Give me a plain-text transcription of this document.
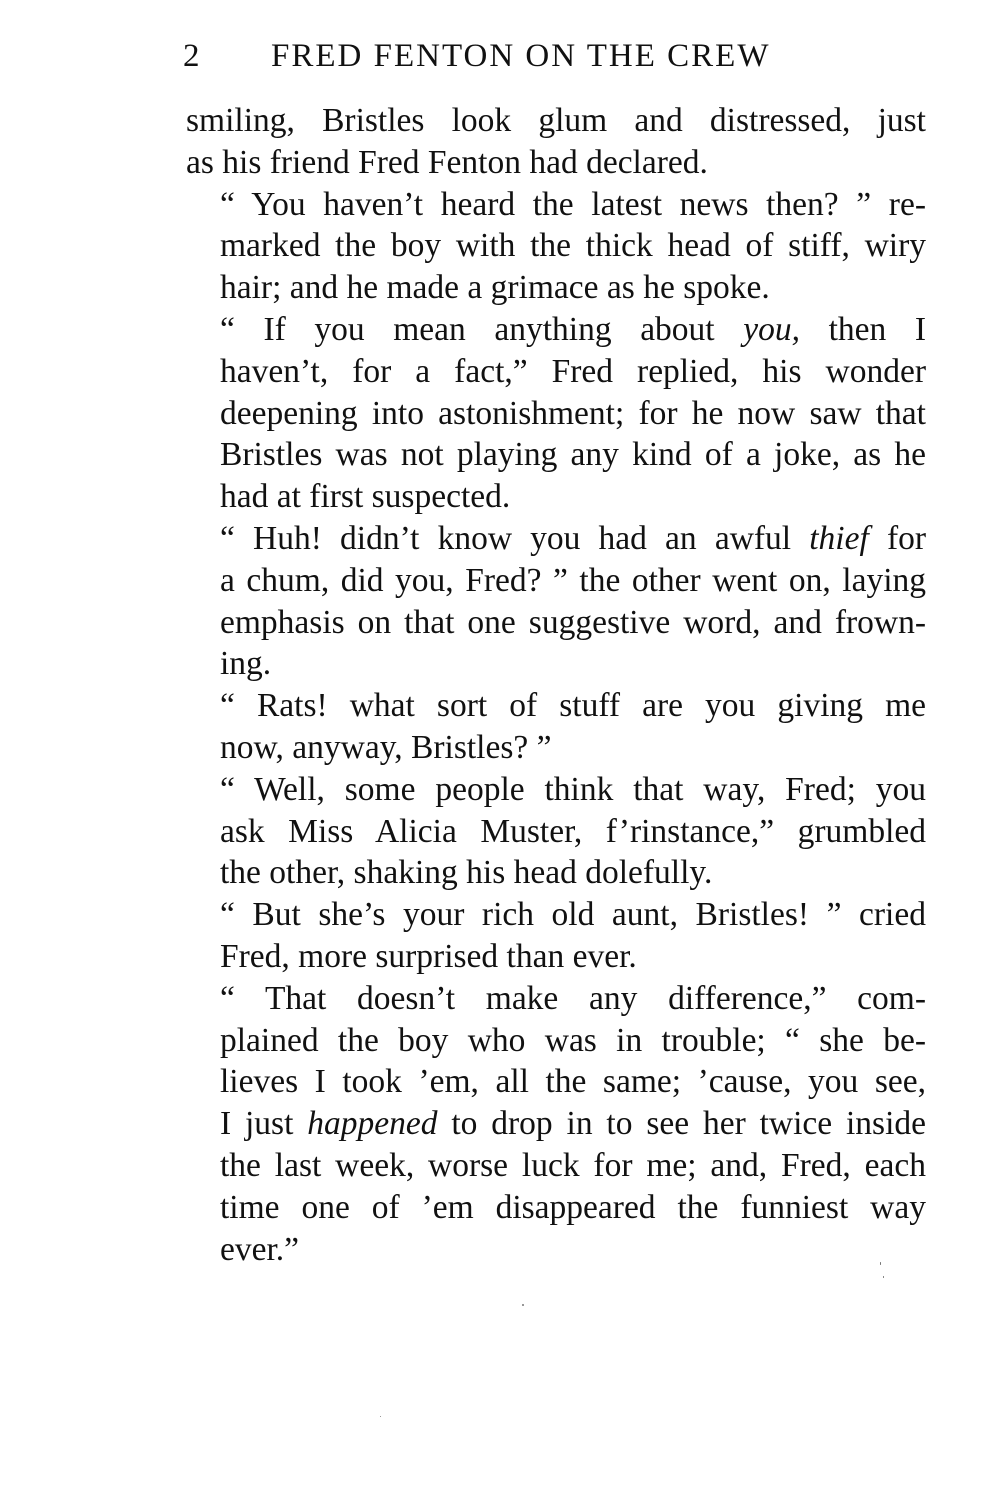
2 FRED FENTON ON THE CREW

smiling, Bristles look glum and distressed, just
as his friend Fred Fenton had declared.

“ You haven’t heard the latest news then? ” re-
marked the boy with the thick head of stiff, wiry
hair; and he made a grimace as he spoke.

“ If you mean anything about you, then I
haven’t, for a fact,” Fred replied, his wonder
deepening into astonishment; for he now saw that
Bristles was not playing any kind of a joke, as he
had at first suspected.

“ Huh! didn’t know you had an awful thief for
a chum, did you, Fred? ” the other went on, laying
emphasis on that one suggestive word, and frown-
ing.

“ Rats! what sort of stuff are you giving me
now, anyway, Bristles? ”

“ Well, some people think that way, Fred; you
ask Miss Alicia Muster, f’rinstance,” grumbled
the other, shaking his head dolefully.

“ But she’s your rich old aunt, Bristles! ” cried
Fred, more surprised than ever.

“ That doesn’t make any difference,” com-
plained the boy who was in trouble; “ she be-
lieves I took ’em, all the same; ’cause, you see,
I just happened to drop in to see her twice inside
the last week, worse luck for me; and, Fred, each
time one of ’em disappeared the funniest way
ever.”
